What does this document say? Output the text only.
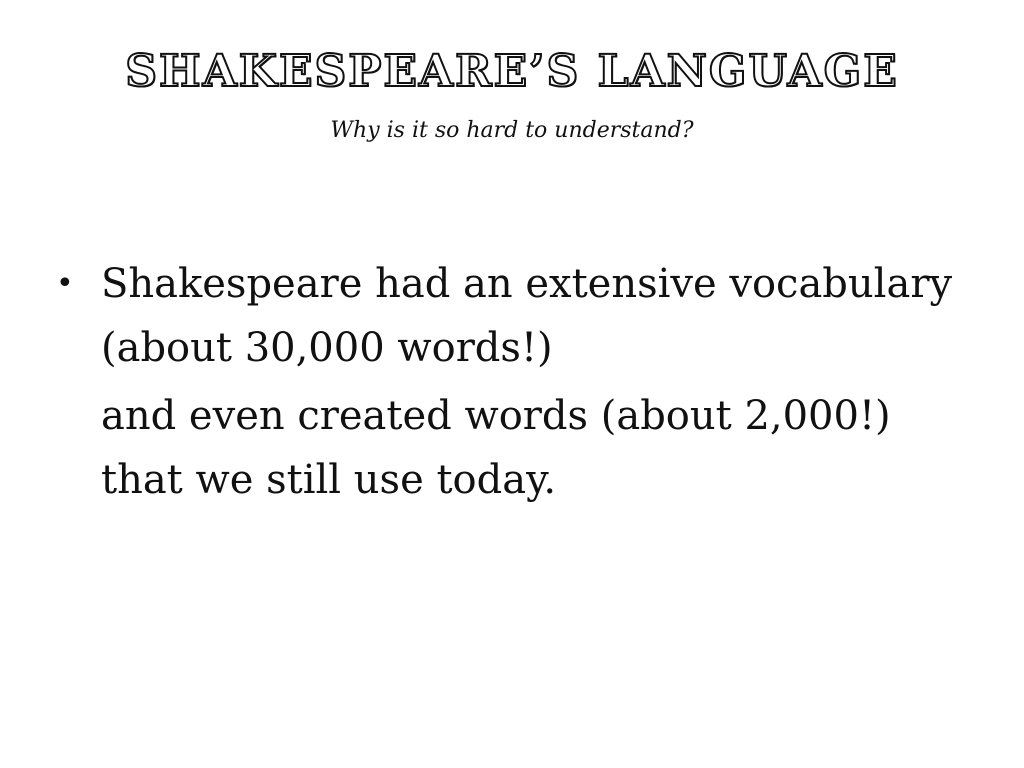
SHAKESPEARE’S LANGUAGE
Why is it so hard to understand?
• Shakespeare had an extensive vocabulary (about 30,000 words!)
and even created words (about 2,000!) that we still use today.
